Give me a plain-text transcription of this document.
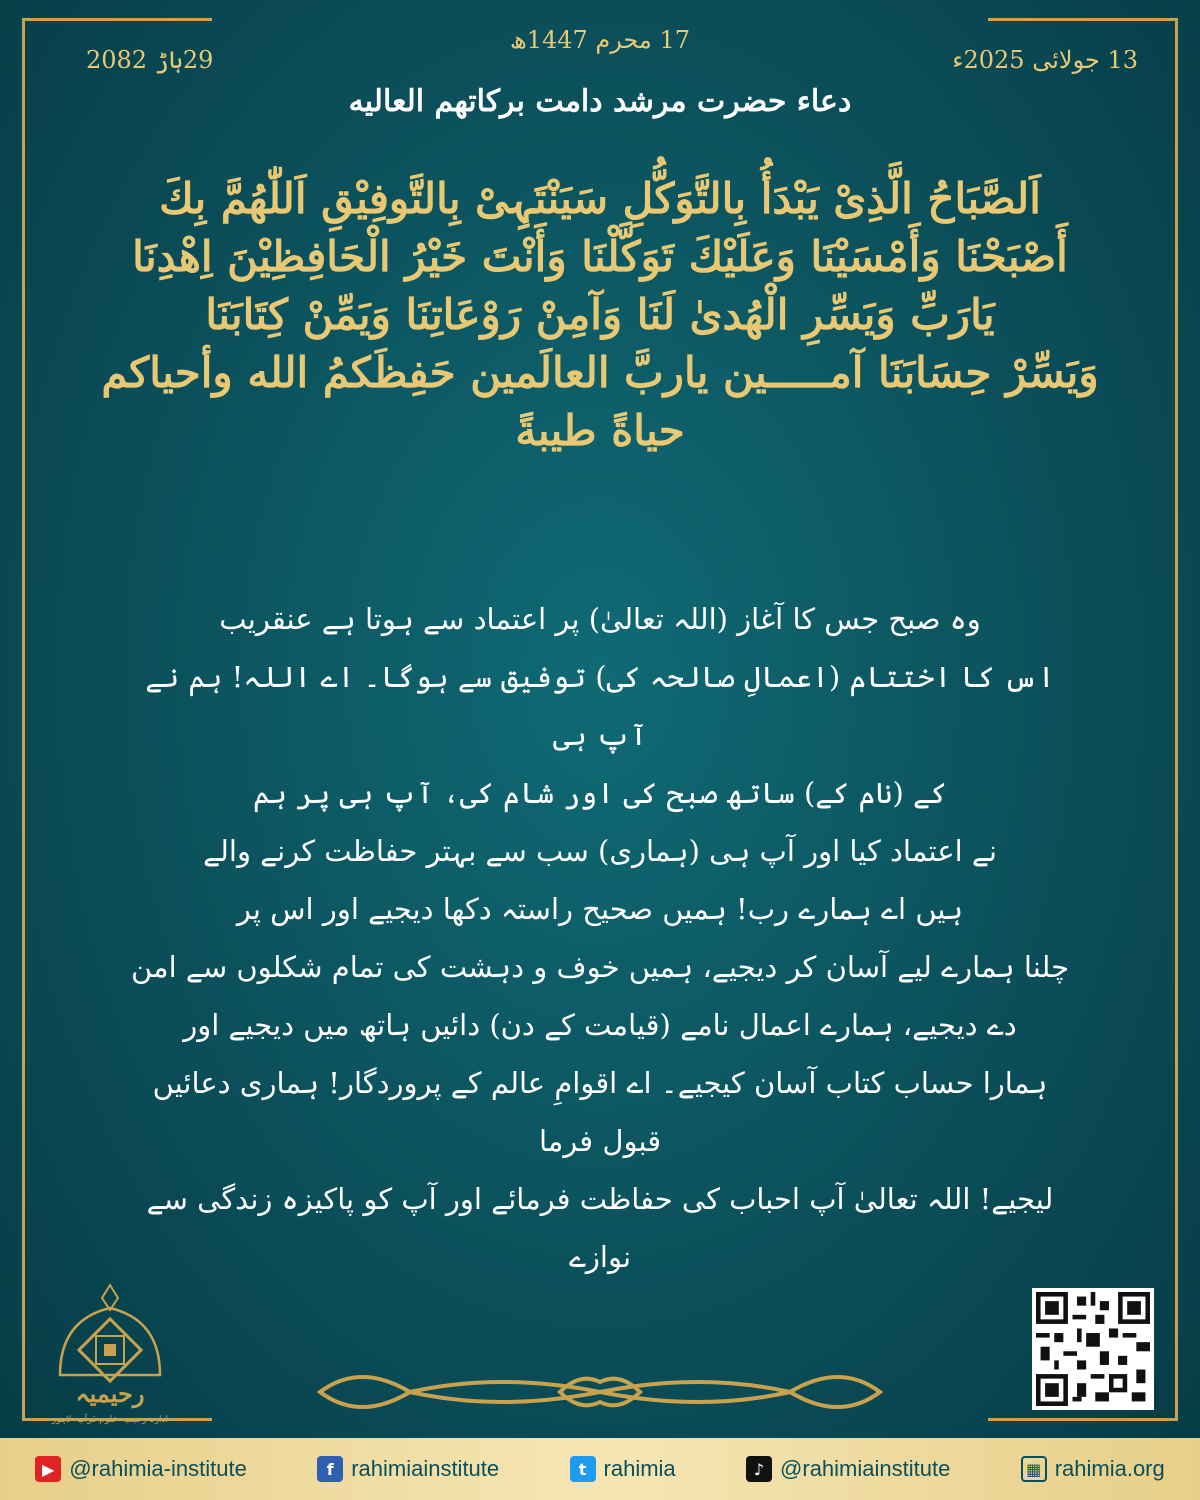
17 محرم 1447ھ
13 جولائی 2025ء
29ہاڑ 2082
دعاء حضرت مرشد دامت برکاتهم العالیه
اَلصَّبَاحُ الَّذِیْ یَبْدَأُ بِالتَّوَکُّلِ سَیَنْتَہِیْ بِالتَّوفِیْقِ اَللّٰهُمَّ بِكَ
أَصْبَحْنَا وَأَمْسَیْنَا وَعَلَیْكَ تَوَكَّلْنَا وَأَنْتَ خَیْرُ الْحَافِظِیْنَ اِهْدِنَا
یَارَبِّ وَیَسِّرِ الْهُدیٰ لَنَا وَآمِنْ رَوْعَاتِنَا وَیَمِّنْ كِتَابَنَا
وَیَسِّرْ حِسَابَنَا آمـــــین یاربَّ العالَمین حَفِظَكمُ الله وأحیاكم
حیاةً طیبةً
وہ صبح جس کا آغاز (اللہ تعالیٰ) پر اعتماد سے ہوتا ہے عنقریب
اس کا اختتام (اعمالِ صالحہ کی) توفیق سے ہوگا۔ اے اللہ! ہم نے آپ ہی
کے (نام کے) ساتھ صبح کی اور شام کی، آپ ہی پر ہم
نے اعتماد کیا اور آپ ہی (ہماری) سب سے بہتر حفاظت کرنے والے
ہیں اے ہمارے رب! ہمیں صحیح راستہ دکھا دیجیے اور اس پر
چلنا ہمارے لیے آسان کر دیجیے، ہمیں خوف و دہشت کی تمام شکلوں سے امن
دے دیجیے، ہمارے اعمال نامے (قیامت کے دن) دائیں ہاتھ میں دیجیے اور
ہمارا حساب کتاب آسان کیجیے۔ اے اقوامِ عالم کے پروردگار! ہماری دعائیں قبول فرما
لیجیے! اللہ تعالیٰ آپ احباب کی حفاظت فرمائے اور آپ کو پاکیزہ زندگی سے
نوازے
رحیمیہ
ادارہ رحیمیہ علوم قرآنیہ لاہور
▶ @rahimia-institute	f rahimiainstitute	t rahimia	♪ @rahimiainstitute	▦ rahimia.org
